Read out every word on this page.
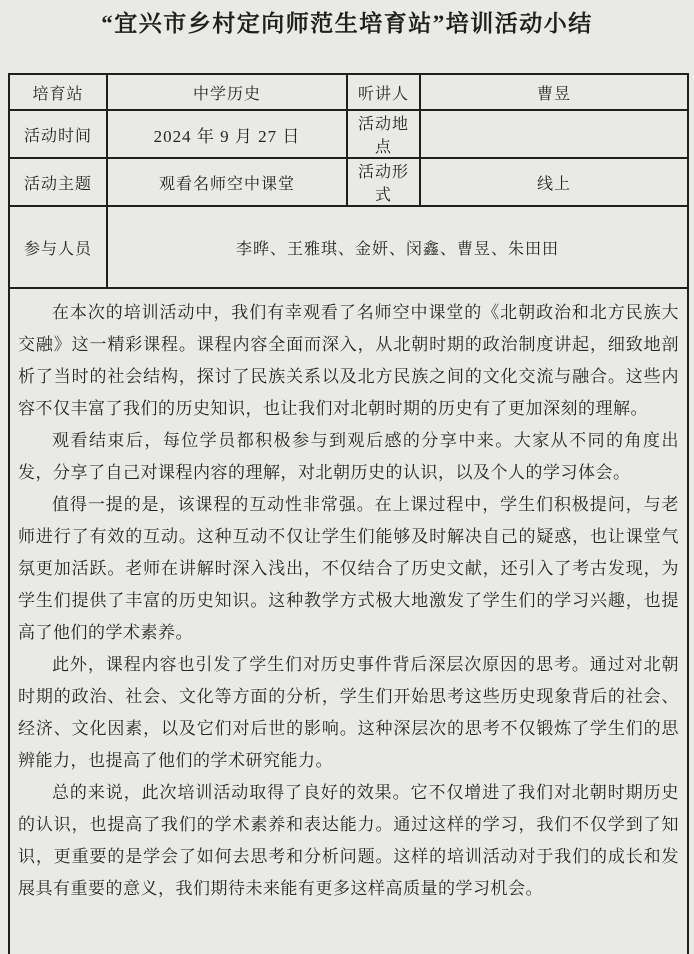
“宜兴市乡村定向师范生培育站”培训活动小结
培育站	中学历史	听讲人	曹昱
活动时间	2024 年 9 月 27 日	活动地点	
活动主题	观看名师空中课堂	活动形式	线上
参与人员	李晔、王雅琪、金妍、闵鑫、曹昱、朱田田		

在本次的培训活动中，我们有幸观看了名师空中课堂的《北朝政治和北方民族大交融》这一精彩课程。课程内容全面而深入，从北朝时期的政治制度讲起，细致地剖析了当时的社会结构，探讨了民族关系以及北方民族之间的文化交流与融合。这些内容不仅丰富了我们的历史知识，也让我们对北朝时期的历史有了更加深刻的理解。

观看结束后，每位学员都积极参与到观后感的分享中来。大家从不同的角度出发，分享了自己对课程内容的理解，对北朝历史的认识，以及个人的学习体会。

值得一提的是，该课程的互动性非常强。在上课过程中，学生们积极提问，与老师进行了有效的互动。这种互动不仅让学生们能够及时解决自己的疑惑，也让课堂气氛更加活跃。老师在讲解时深入浅出，不仅结合了历史文献，还引入了考古发现，为学生们提供了丰富的历史知识。这种教学方式极大地激发了学生们的学习兴趣，也提高了他们的学术素养。

此外，课程内容也引发了学生们对历史事件背后深层次原因的思考。通过对北朝时期的政治、社会、文化等方面的分析，学生们开始思考这些历史现象背后的社会、经济、文化因素，以及它们对后世的影响。这种深层次的思考不仅锻炼了学生们的思辨能力，也提高了他们的学术研究能力。

总的来说，此次培训活动取得了良好的效果。它不仅增进了我们对北朝时期历史的认识，也提高了我们的学术素养和表达能力。通过这样的学习，我们不仅学到了知识，更重要的是学会了如何去思考和分析问题。这样的培训活动对于我们的成长和发展具有重要的意义，我们期待未来能有更多这样高质量的学习机会。			
